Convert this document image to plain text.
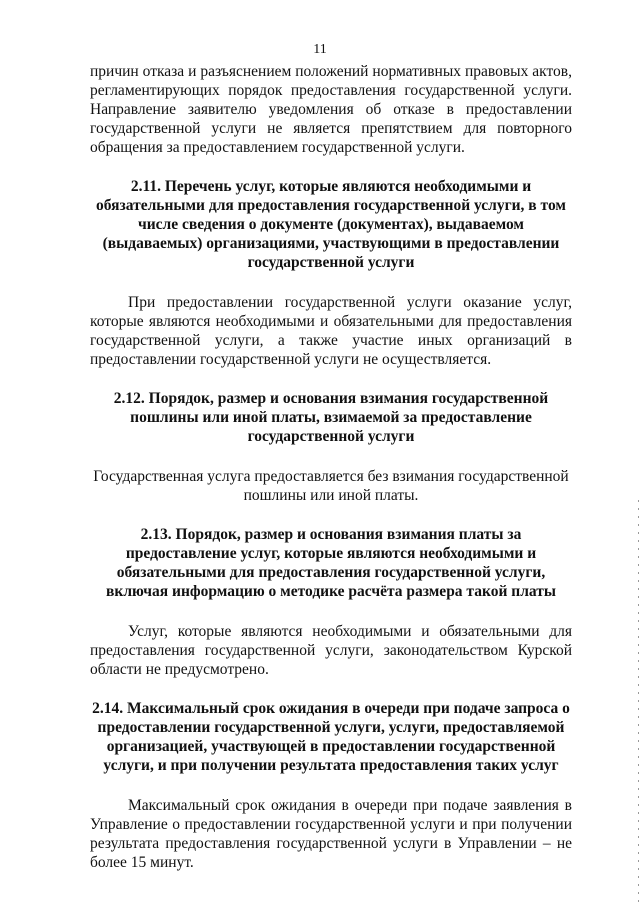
11

причин отказа и разъяснением положений нормативных правовых актов, регламентирующих порядок предоставления государственной услуги. Направление заявителю уведомления об отказе в предоставлении государственной услуги не является препятствием для повторного обращения за предоставлением государственной услуги.

2.11. Перечень услуг, которые являются необходимыми и обязательными для предоставления государственной услуги, в том числе сведения о документе (документах), выдаваемом (выдаваемых) организациями, участвующими в предоставлении государственной услуги

При предоставлении государственной услуги оказание услуг, которые являются необходимыми и обязательными для предоставления государственной услуги, а также участие иных организаций в предоставлении государственной услуги не осуществляется.

2.12. Порядок, размер и основания взимания государственной пошлины или иной платы, взимаемой за предоставление государственной услуги

Государственная услуга предоставляется без взимания государственной пошлины или иной платы.

2.13. Порядок, размер и основания взимания платы за предоставление услуг, которые являются необходимыми и обязательными для предоставления государственной услуги, включая информацию о методике расчёта размера такой платы

Услуг, которые являются необходимыми и обязательными для предоставления государственной услуги, законодательством Курской области не предусмотрено.

2.14. Максимальный срок ожидания в очереди при подаче запроса о предоставлении государственной услуги, услуги, предоставляемой организацией, участвующей в предоставлении государственной услуги, и при получении результата предоставления таких услуг

Максимальный срок ожидания в очереди при подаче заявления в Управление о предоставлении государственной услуги и при получении результата предоставления государственной услуги в Управлении – не более 15 минут.
